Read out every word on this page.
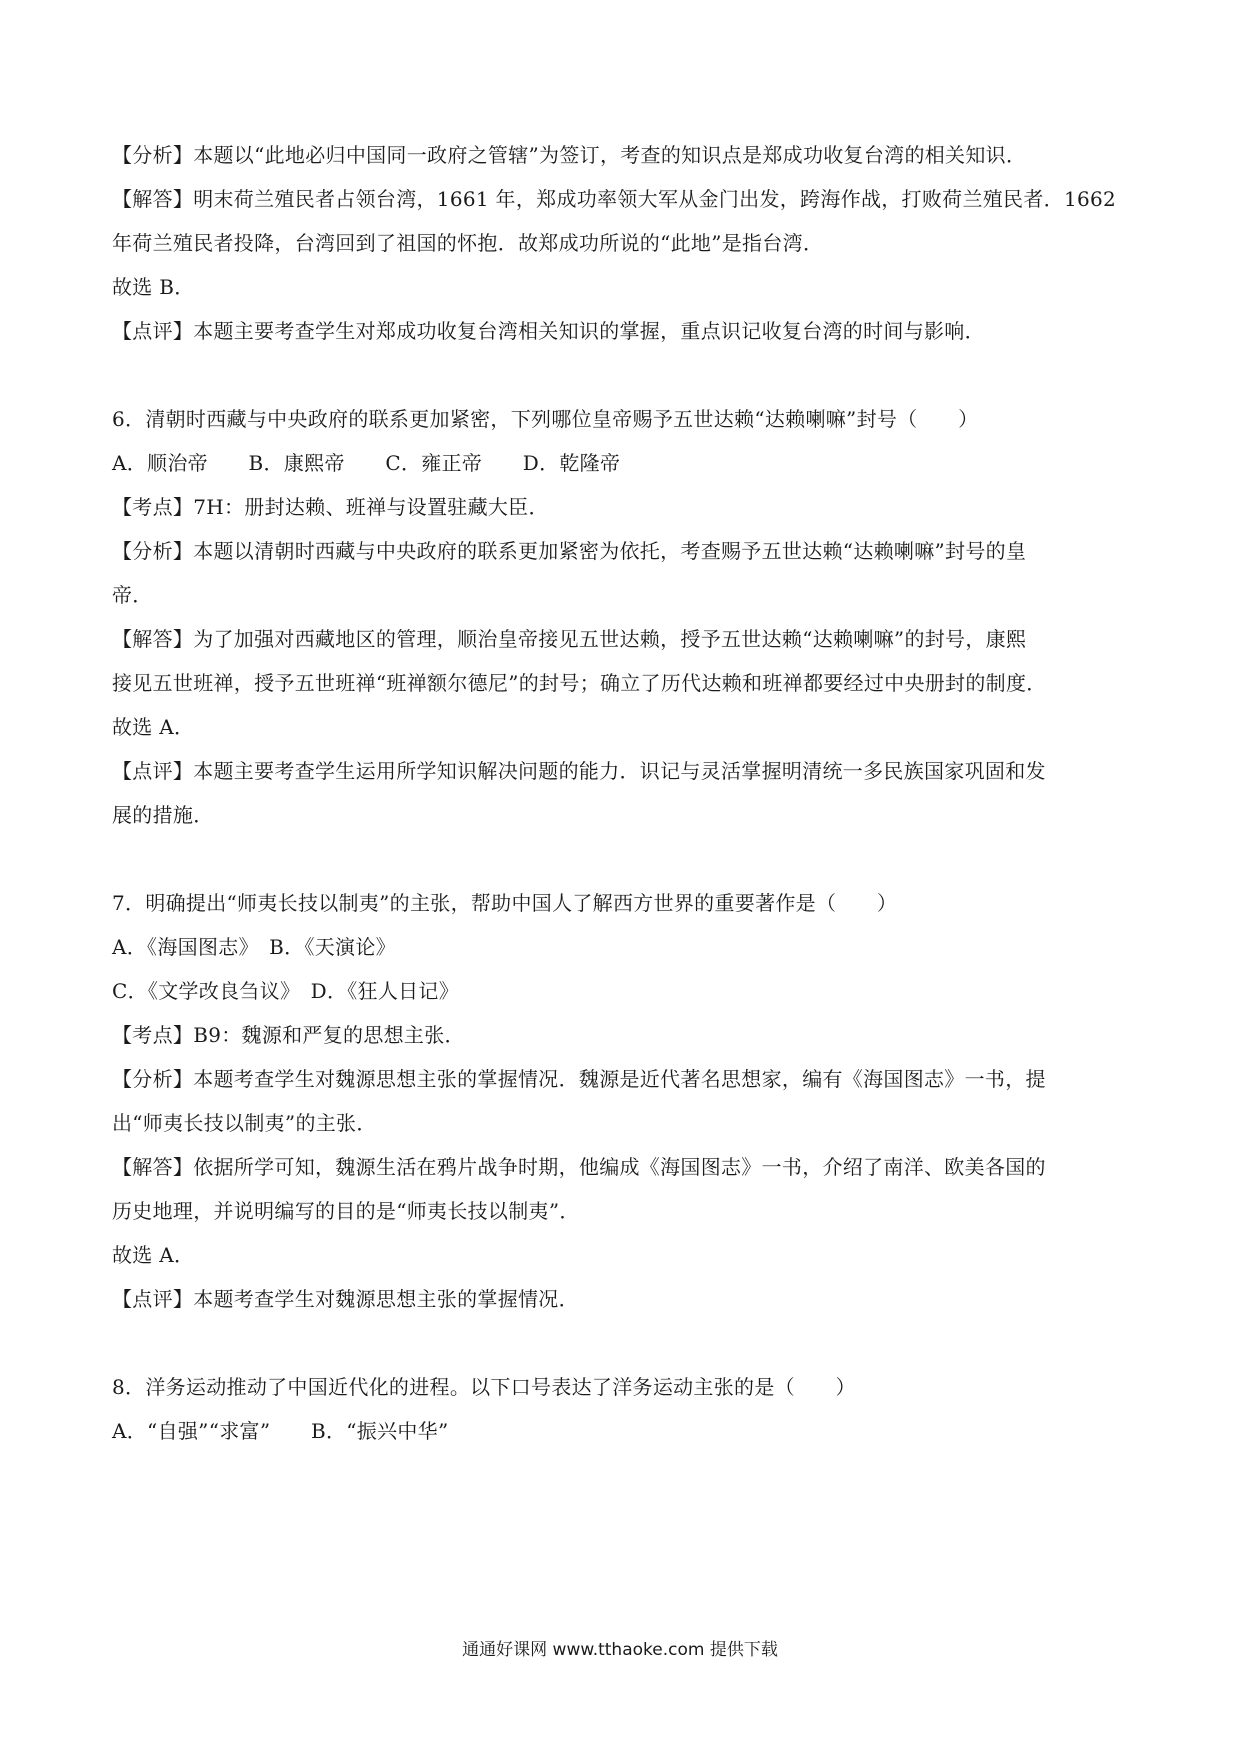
【分析】本题以“此地必归中国同一政府之管辖”为签订，考查的知识点是郑成功收复台湾的相关知识．
【解答】明末荷兰殖民者占领台湾，1661 年，郑成功率领大军从金门出发，跨海作战，打败荷兰殖民者．1662
年荷兰殖民者投降，台湾回到了祖国的怀抱．故郑成功所说的“此地”是指台湾．
故选 B．
【点评】本题主要考查学生对郑成功收复台湾相关知识的掌握，重点识记收复台湾的时间与影响．
6．清朝时西藏与中央政府的联系更加紧密，下列哪位皇帝赐予五世达赖“达赖喇嘛”封号（　　）
A．顺治帝　　B．康熙帝　　C．雍正帝　　D．乾隆帝
【考点】7H：册封达赖、班禅与设置驻藏大臣．
【分析】本题以清朝时西藏与中央政府的联系更加紧密为依托，考查赐予五世达赖“达赖喇嘛”封号的皇
帝．
【解答】为了加强对西藏地区的管理，顺治皇帝接见五世达赖，授予五世达赖“达赖喇嘛”的封号，康熙
接见五世班禅，授予五世班禅“班禅额尔德尼”的封号；确立了历代达赖和班禅都要经过中央册封的制度．
故选 A．
【点评】本题主要考查学生运用所学知识解决问题的能力．识记与灵活掌握明清统一多民族国家巩固和发
展的措施．
7．明确提出“师夷长技以制夷”的主张，帮助中国人了解西方世界的重要著作是（　　）
A．《海国图志》　B．《天演论》
C．《文学改良刍议》　D．《狂人日记》
【考点】B9：魏源和严复的思想主张．
【分析】本题考查学生对魏源思想主张的掌握情况．魏源是近代著名思想家，编有《海国图志》一书，提
出“师夷长技以制夷”的主张．
【解答】依据所学可知，魏源生活在鸦片战争时期，他编成《海国图志》一书，介绍了南洋、欧美各国的
历史地理，并说明编写的目的是“师夷长技以制夷”．
故选 A．
【点评】本题考查学生对魏源思想主张的掌握情况．
8．洋务运动推动了中国近代化的进程。以下口号表达了洋务运动主张的是（　　）
A．“自强”“求富”　　B．“振兴中华”
通通好课网 www.tthaoke.com 提供下载
